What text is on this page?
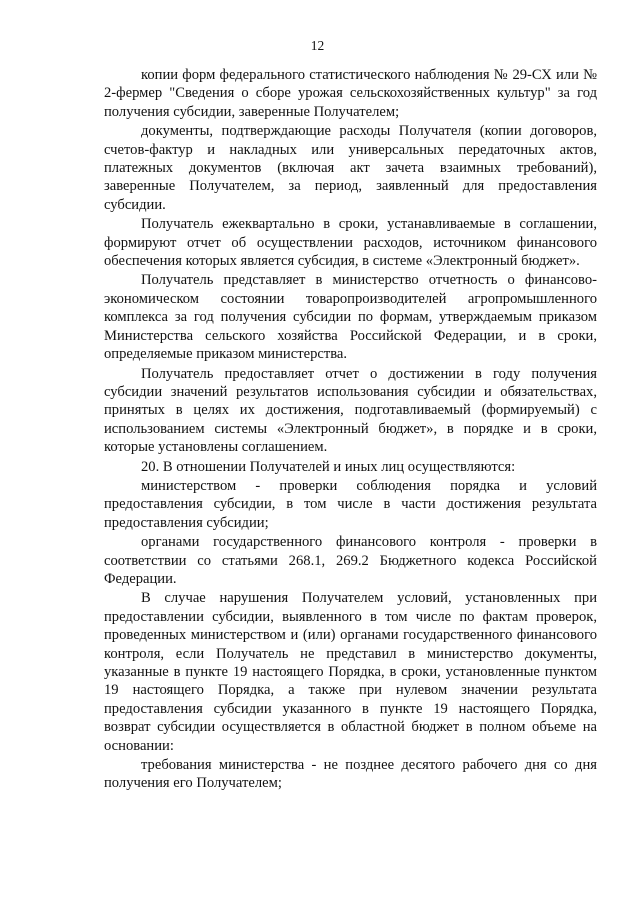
12

копии форм федерального статистического наблюдения № 29-СХ или № 2-фермер "Сведения о сборе урожая сельскохозяйственных культур" за год получения субсидии, заверенные Получателем;

документы, подтверждающие расходы Получателя (копии договоров, счетов-фактур и накладных или универсальных передаточных актов, платежных документов (включая акт зачета взаимных требований), заверенные Получателем, за период, заявленный для предоставления субсидии.

Получатель ежеквартально в сроки, устанавливаемые в соглашении, формируют отчет об осуществлении расходов, источником финансового обеспечения которых является субсидия, в системе «Электронный бюджет».

Получатель представляет в министерство отчетность о финансово-экономическом состоянии товаропроизводителей агропромышленного комплекса за год получения субсидии по формам, утверждаемым приказом Министерства сельского хозяйства Российской Федерации, и в сроки, определяемые приказом министерства.

Получатель предоставляет отчет о достижении в году получения субсидии значений результатов использования субсидии и обязательствах, принятых в целях их достижения, подготавливаемый (формируемый) с использованием системы «Электронный бюджет», в порядке и в сроки, которые установлены соглашением.

20. В отношении Получателей и иных лиц осуществляются:

министерством - проверки соблюдения порядка и условий предоставления субсидии, в том числе в части достижения результата предоставления субсидии;

органами государственного финансового контроля - проверки в соответствии со статьями 268.1, 269.2 Бюджетного кодекса Российской Федерации.

В случае нарушения Получателем условий, установленных при предоставлении субсидии, выявленного в том числе по фактам проверок, проведенных министерством и (или) органами государственного финансового контроля, если Получатель не представил в министерство документы, указанные в пункте 19 настоящего Порядка, в сроки, установленные пунктом 19 настоящего Порядка, а также при нулевом значении результата предоставления субсидии указанного в пункте 19 настоящего Порядка, возврат субсидии осуществляется в областной бюджет в полном объеме на основании:

требования министерства - не позднее десятого рабочего дня со дня получения его Получателем;
